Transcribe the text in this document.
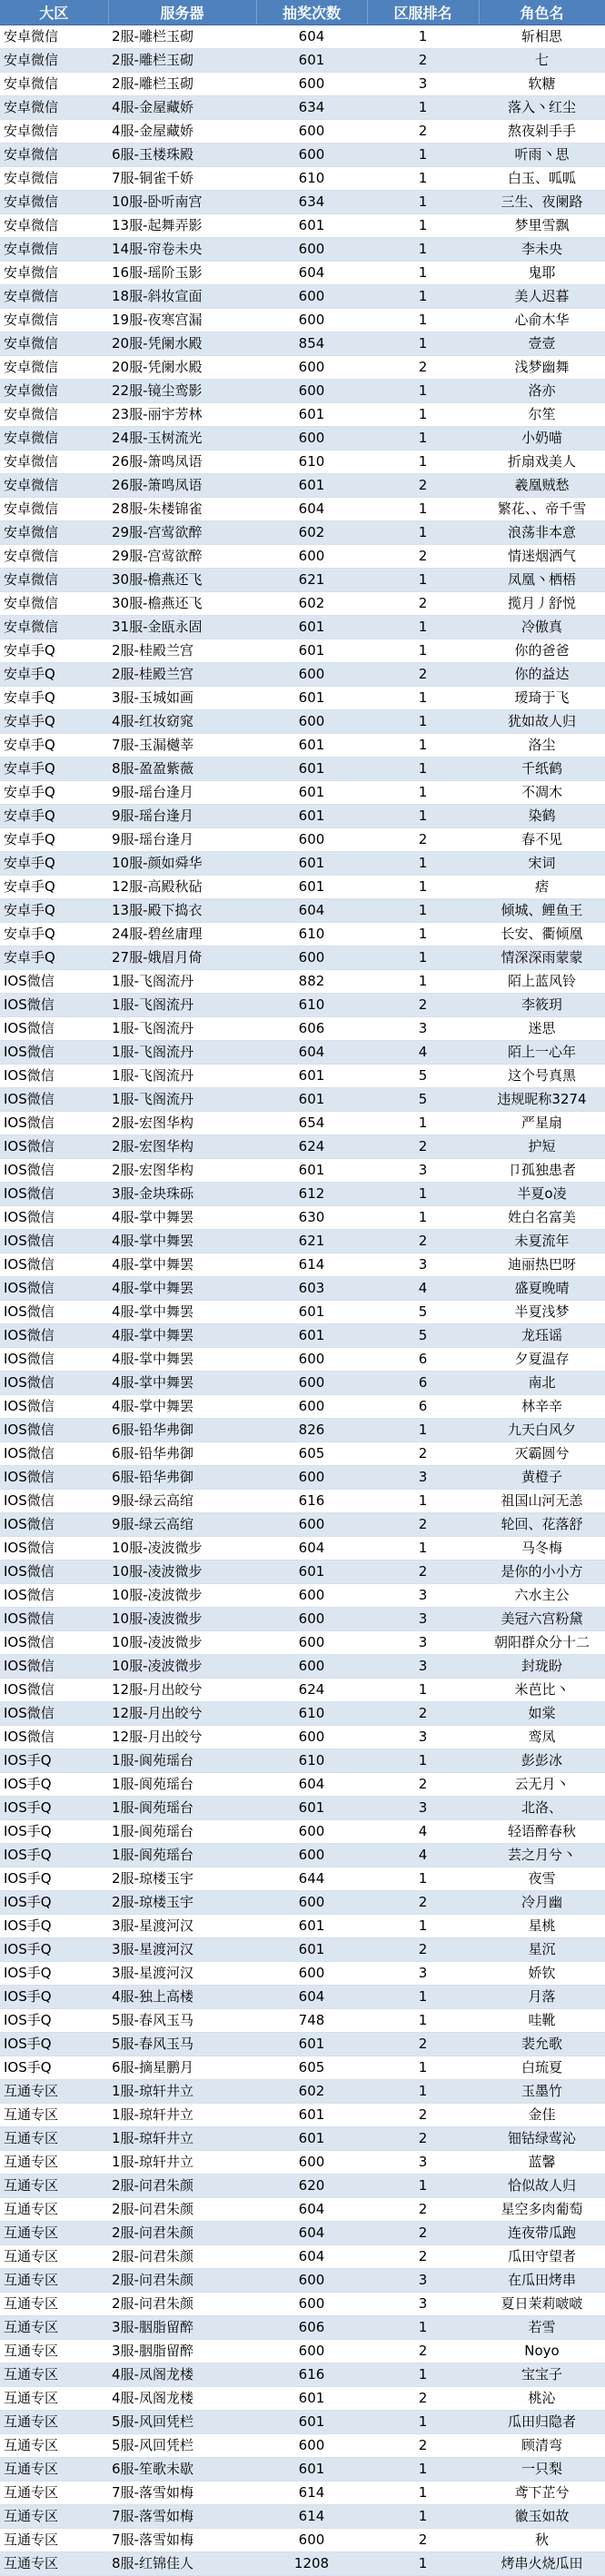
大区	服务器	抽奖次数	区服排名	角色名
安卓微信	2服-雕栏玉砌	604	1	斩相思
安卓微信	2服-雕栏玉砌	601	2	七
安卓微信	2服-雕栏玉砌	600	3	软糖
安卓微信	4服-金屋藏娇	634	1	落入丶红尘
安卓微信	4服-金屋藏娇	600	2	熬夜剁手手
安卓微信	6服-玉楼珠殿	600	1	听雨丶思
安卓微信	7服-铜雀千娇	610	1	白玉、呱呱
安卓微信	10服-卧听南宫	634	1	三生、夜阑路
安卓微信	13服-起舞弄影	601	1	梦里雪飘
安卓微信	14服-帘卷未央	600	1	李未央
安卓微信	16服-瑶阶玉影	604	1	鬼耶
安卓微信	18服-斜妆宣面	600	1	美人迟暮
安卓微信	19服-夜寒宫漏	600	1	心俞木华
安卓微信	20服-凭阑水殿	854	1	壹壹
安卓微信	20服-凭阑水殿	600	2	浅梦幽舞
安卓微信	22服-镜尘鸾影	600	1	洛亦
安卓微信	23服-丽宇芳林	601	1	尔笙
安卓微信	24服-玉树流光	600	1	小奶喵
安卓微信	26服-箫鸣凤语	610	1	折扇戏美人
安卓微信	26服-箫鸣凤语	601	2	羲凰贼愁
安卓微信	28服-朱楼锦雀	604	1	繁花、、帝千雪
安卓微信	29服-宫莺欲醉	602	1	浪荡非本意
安卓微信	29服-宫莺欲醉	600	2	情迷烟洒气
安卓微信	30服-檐燕还飞	621	1	凤凰丶栖梧
安卓微信	30服-檐燕还飞	602	2	揽月丿舒悦
安卓微信	31服-金瓯永固	601	1	冷傲真
安卓手Q	2服-桂殿兰宫	601	1	你的爸爸
安卓手Q	2服-桂殿兰宫	600	2	你的益达
安卓手Q	3服-玉城如画	601	1	瑷琦于飞
安卓手Q	4服-红妆窈窕	600	1	犹如故人归
安卓手Q	7服-玉漏樾莘	601	1	洛尘
安卓手Q	8服-盈盈紫薇	601	1	千纸鹤
安卓手Q	9服-瑶台逢月	601	1	不凋木
安卓手Q	9服-瑶台逢月	601	1	染鹤
安卓手Q	9服-瑶台逢月	600	2	春不见
安卓手Q	10服-颜如舜华	601	1	宋词
安卓手Q	12服-高殿秋砧	601	1	痞
安卓手Q	13服-殿下捣衣	604	1	倾城、鲤鱼王
安卓手Q	24服-碧丝庸理	610	1	长安、衢倾凰
安卓手Q	27服-娥眉月倚	600	1	情深深雨蒙蒙
IOS微信	1服-飞阁流丹	882	1	陌上蓝风铃
IOS微信	1服-飞阁流丹	610	2	李筱玥
IOS微信	1服-飞阁流丹	606	3	迷思
IOS微信	1服-飞阁流丹	604	4	陌上一心年
IOS微信	1服-飞阁流丹	601	5	这个号真黑
IOS微信	1服-飞阁流丹	601	5	违规昵称3274
IOS微信	2服-宏图华构	654	1	严星扇
IOS微信	2服-宏图华构	624	2	护短
IOS微信	2服-宏图华构	601	3	卩孤独患者
IOS微信	3服-金块珠砾	612	1	半夏o凌
IOS微信	4服-掌中舞罢	630	1	姓白名富美
IOS微信	4服-掌中舞罢	621	2	未夏流年
IOS微信	4服-掌中舞罢	614	3	迪丽热巴呀
IOS微信	4服-掌中舞罢	603	4	盛夏晚晴
IOS微信	4服-掌中舞罢	601	5	半夏浅梦
IOS微信	4服-掌中舞罢	601	5	龙珏谣
IOS微信	4服-掌中舞罢	600	6	夕夏温存
IOS微信	4服-掌中舞罢	600	6	南北
IOS微信	4服-掌中舞罢	600	6	林辛辛
IOS微信	6服-铅华弗御	826	1	九天白风夕
IOS微信	6服-铅华弗御	605	2	灭霸圆兮
IOS微信	6服-铅华弗御	600	3	黄橙子
IOS微信	9服-绿云高绾	616	1	祖国山河无恙
IOS微信	9服-绿云高绾	600	2	轮回、花落舒
IOS微信	10服-凌波微步	604	1	马冬梅
IOS微信	10服-凌波微步	601	2	是你的小小方
IOS微信	10服-凌波微步	600	3	六水主公
IOS微信	10服-凌波微步	600	3	美冠六宫粉黛
IOS微信	10服-凌波微步	600	3	朝阳群众分十二
IOS微信	10服-凌波微步	600	3	封珑盼
IOS微信	12服-月出皎兮	624	1	米芭比丶
IOS微信	12服-月出皎兮	610	2	如棠
IOS微信	12服-月出皎兮	600	3	鸾凤
IOS手Q	1服-阆苑瑶台	610	1	彭彭冰
IOS手Q	1服-阆苑瑶台	604	2	云无月丶
IOS手Q	1服-阆苑瑶台	601	3	北洛、
IOS手Q	1服-阆苑瑶台	600	4	轻语醉春秋
IOS手Q	1服-阆苑瑶台	600	4	芸之月兮丶
IOS手Q	2服-琼楼玉宇	644	1	夜雪
IOS手Q	2服-琼楼玉宇	600	2	冷月幽
IOS手Q	3服-星渡河汉	601	1	星桃
IOS手Q	3服-星渡河汉	601	2	星沉
IOS手Q	3服-星渡河汉	600	3	娇钦
IOS手Q	4服-独上高楼	604	1	月落
IOS手Q	5服-春风玉马	748	1	哇靴
IOS手Q	5服-春风玉马	601	2	裴允歌
IOS手Q	6服-摘星鹏月	605	1	白琉夏
互通专区	1服-琼轩井立	602	1	玉墨竹
互通专区	1服-琼轩井立	601	2	金佳
互通专区	1服-琼轩井立	601	2	钿钴绿莺沁
互通专区	1服-琼轩井立	600	3	蓝馨
互通专区	2服-问君朱颜	620	1	恰似故人归
互通专区	2服-问君朱颜	604	2	星空多肉葡萄
互通专区	2服-问君朱颜	604	2	连夜带瓜跑
互通专区	2服-问君朱颜	604	2	瓜田守望者
互通专区	2服-问君朱颜	600	3	在瓜田烤串
互通专区	2服-问君朱颜	600	3	夏日茉莉啵啵
互通专区	3服-胭脂留醉	606	1	若雪
互通专区	3服-胭脂留醉	600	2	Noyo
互通专区	4服-凤阁龙楼	616	1	宝宝子
互通专区	4服-凤阁龙楼	601	2	桃沁
互通专区	5服-风回凭栏	601	1	瓜田归隐者
互通专区	5服-风回凭栏	600	2	顾清弯
互通专区	6服-笙歌未歇	601	1	一只梨
互通专区	7服-落雪如梅	614	1	鸢下芷兮
互通专区	7服-落雪如梅	614	1	徽玉如故
互通专区	7服-落雪如梅	600	2	秋
互通专区	8服-红锦佳人	1208	1	烤串火烧瓜田
